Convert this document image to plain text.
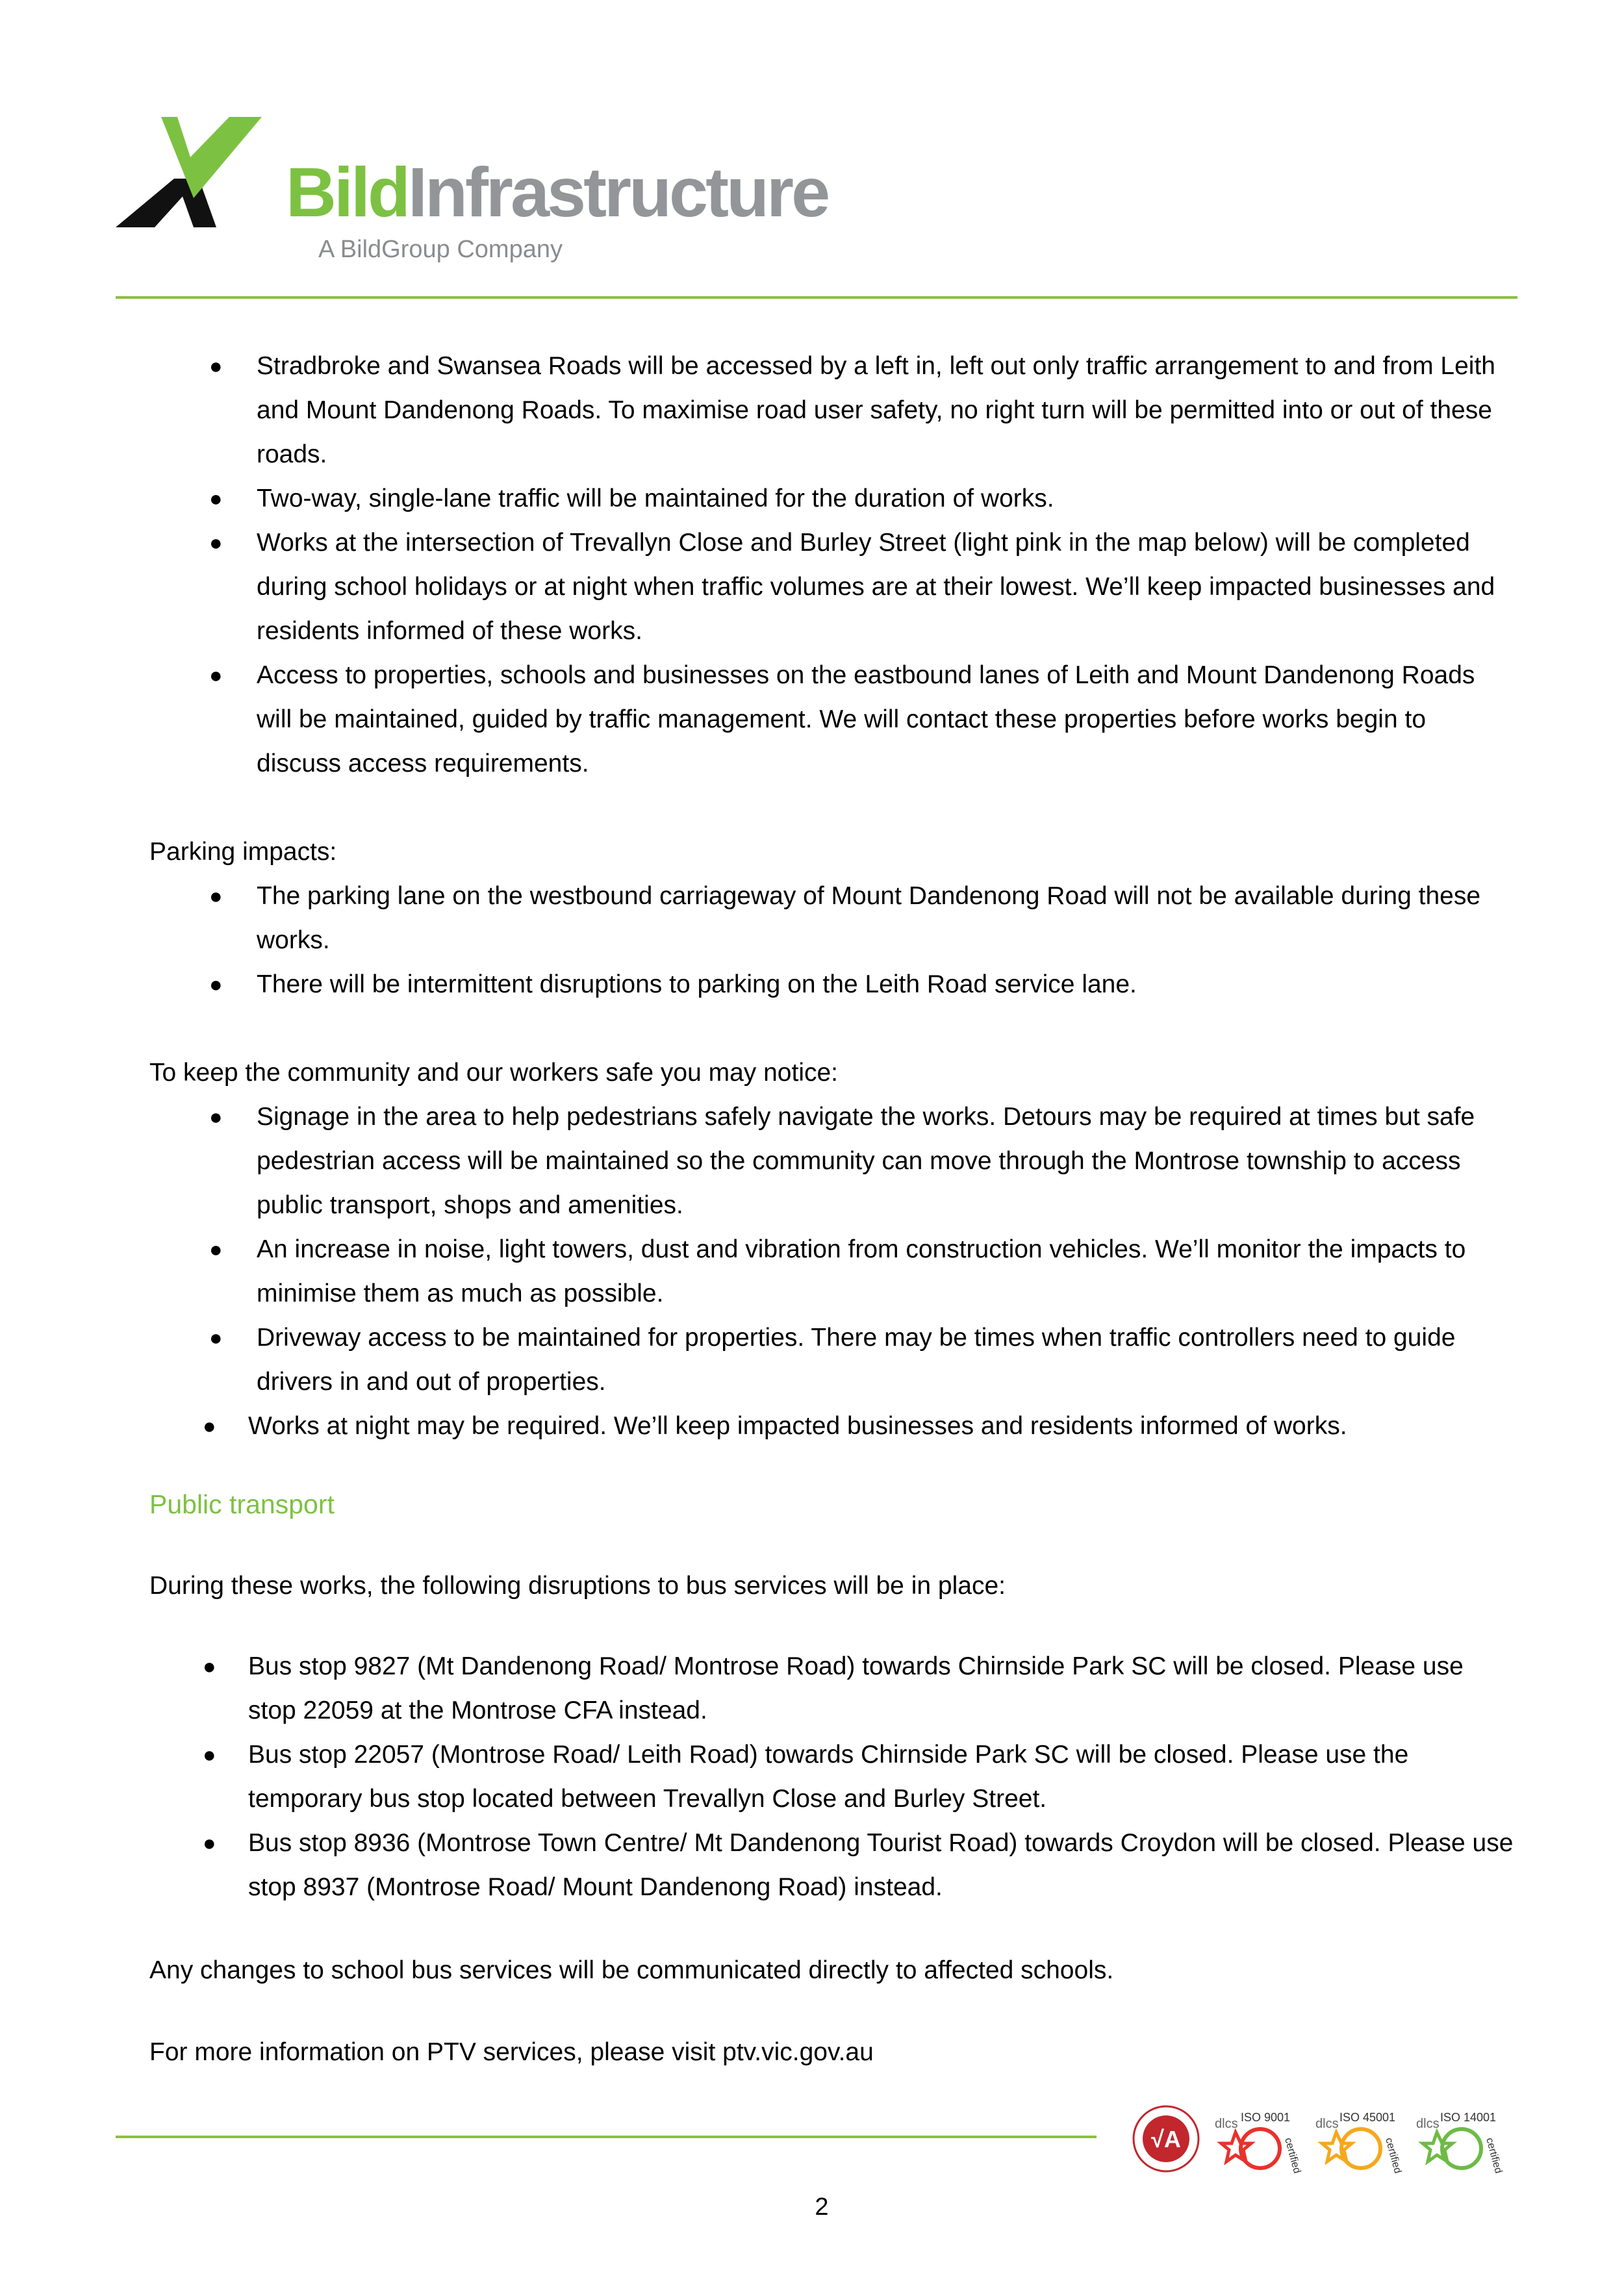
BildInfrastructure
A BildGroup Company
● Stradbroke and Swansea Roads will be accessed by a left in, left out only traffic arrangement to and from Leith and Mount Dandenong Roads. To maximise road user safety, no right turn will be permitted into or out of these roads.
● Two-way, single-lane traffic will be maintained for the duration of works.
● Works at the intersection of Trevallyn Close and Burley Street (light pink in the map below) will be completed during school holidays or at night when traffic volumes are at their lowest. We’ll keep impacted businesses and residents informed of these works.
● Access to properties, schools and businesses on the eastbound lanes of Leith and Mount Dandenong Roads will be maintained, guided by traffic management. We will contact these properties before works begin to discuss access requirements.

Parking impacts:

● The parking lane on the westbound carriageway of Mount Dandenong Road will not be available during these works.
● There will be intermittent disruptions to parking on the Leith Road service lane.

To keep the community and our workers safe you may notice:

● Signage in the area to help pedestrians safely navigate the works. Detours may be required at times but safe pedestrian access will be maintained so the community can move through the Montrose township to access public transport, shops and amenities.
● An increase in noise, light towers, dust and vibration from construction vehicles. We’ll monitor the impacts to minimise them as much as possible.
● Driveway access to be maintained for properties. There may be times when traffic controllers need to guide drivers in and out of properties.
● Works at night may be required. We’ll keep impacted businesses and residents informed of works.

Public transport

During these works, the following disruptions to bus services will be in place:

● Bus stop 9827 (Mt Dandenong Road/ Montrose Road) towards Chirnside Park SC will be closed. Please use stop 22059 at the Montrose CFA instead.
● Bus stop 22057 (Montrose Road/ Leith Road) towards Chirnside Park SC will be closed. Please use the temporary bus stop located between Trevallyn Close and Burley Street.
● Bus stop 8936 (Montrose Town Centre/ Mt Dandenong Tourist Road) towards Croydon will be closed. Please use stop 8937 (Montrose Road/ Mount Dandenong Road) instead.

Any changes to school bus services will be communicated directly to affected schools.

For more information on PTV services, please visit ptv.vic.gov.au

√A
dlcs ISO 9001
certified
dlcs ISO 45001
certified
dlcs ISO 14001
certified
2
